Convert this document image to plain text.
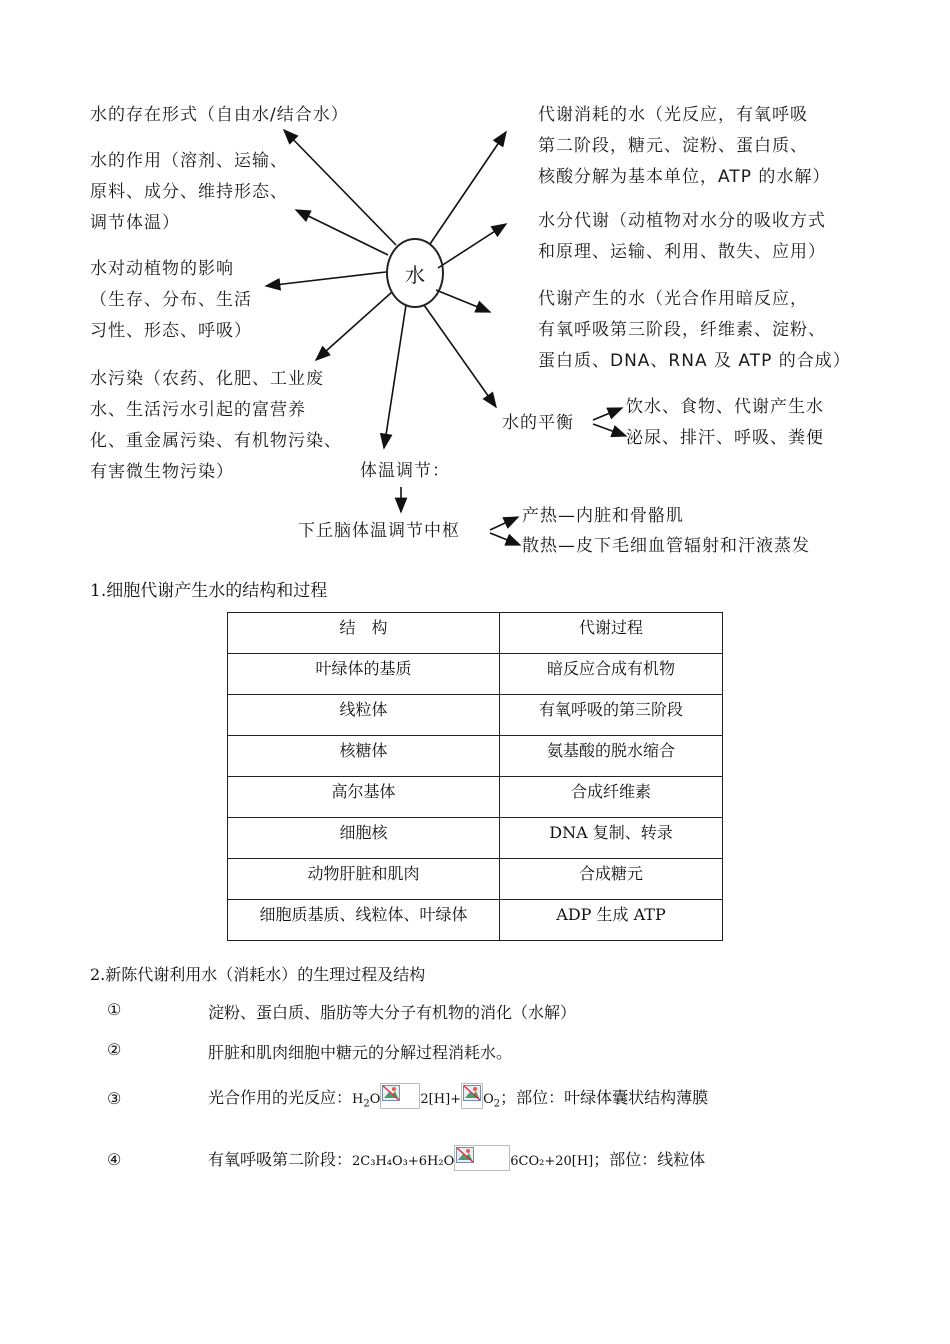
水
水的存在形式（自由水/结合水）
水的作用（溶剂、运输、
原料、成分、维持形态、
调节体温）
水对动植物的影响
（生存、分布、生活
习性、形态、呼吸）
水污染（农药、化肥、工业废
水、生活污水引起的富营养
化、重金属污染、有机物污染、
有害微生物污染）
代谢消耗的水（光反应，有氧呼吸
第二阶段，糖元、淀粉、蛋白质、
核酸分解为基本单位，ATP 的水解）
水分代谢（动植物对水分的吸收方式
和原理、运输、利用、散失、应用）
代谢产生的水（光合作用暗反应，
有氧呼吸第三阶段，纤维素、淀粉、
蛋白质、DNA、RNA 及 ATP 的合成）
水的平衡
饮水、食物、代谢产生水
泌尿、排汗、呼吸、粪便
体温调节：
下丘脑体温调节中枢
产热—内脏和骨骼肌
散热—皮下毛细血管辐射和汗液蒸发
1.细胞代谢产生水的结构和过程
结　构	代谢过程
叶绿体的基质	暗反应合成有机物
线粒体	有氧呼吸的第三阶段
核糖体	氨基酸的脱水缩合
高尔基体	合成纤维素
细胞核	DNA 复制、转录
动物肝脏和肌肉	合成糖元
细胞质基质、线粒体、叶绿体	ADP 生成 ATP
2.新陈代谢利用水（消耗水）的生理过程及结构
①	淀粉、蛋白质、脂肪等大分子有机物的消化（水解）
②	肝脏和肌肉细胞中糖元的分解过程消耗水。
③	光合作用的光反应：$H_2O$	$2[H]+ O_2$；部位：叶绿体囊状结构薄膜
④	有氧呼吸第二阶段：2C₃H₄O₃+6H₂O	6CO₂+20[H]；部位：线粒体
